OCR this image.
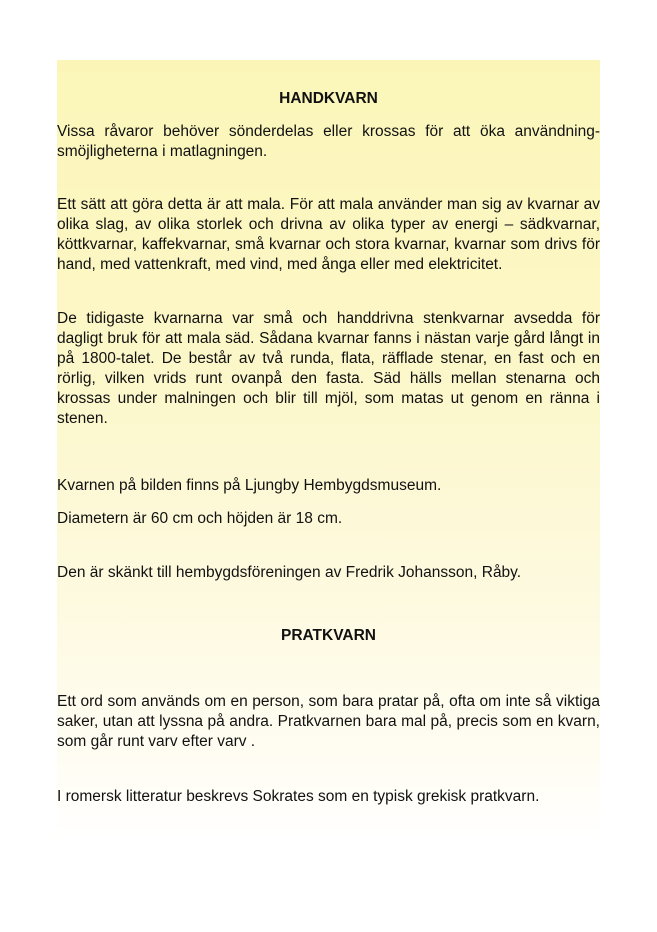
HANDKVARN

Vissa råvaror behöver sönderdelas eller krossas för att öka användning-smöjligheterna i matlagningen.

Ett sätt att göra detta är att mala. För att mala använder man sig av kvarnar av olika slag, av olika storlek och drivna av olika typer av energi – sädkvarnar, köttkvarnar, kaffekvarnar, små kvarnar och stora kvarnar, kvarnar som drivs för hand, med vattenkraft, med vind, med ånga eller med elektricitet.

De tidigaste kvarnarna var små och handdrivna stenkvarnar avsedda för dagligt bruk för att mala säd. Sådana kvarnar fanns i nästan varje gård långt in på 1800-talet. De består av två runda, flata, räfflade stenar, en fast och en rörlig, vilken vrids runt ovanpå den fasta. Säd hälls mellan stenarna och krossas under malningen och blir till mjöl, som matas ut genom en ränna i stenen.

Kvarnen på bilden finns på Ljungby Hembygdsmuseum.

Diametern är 60 cm och höjden är 18 cm.

Den är skänkt till hembygdsföreningen av Fredrik Johansson, Råby.

PRATKVARN

Ett ord som används om en person, som bara pratar på, ofta om inte så viktiga saker, utan att lyssna på andra. Pratkvarnen bara mal på, precis som en kvarn, som går runt varv efter varv .

I romersk litteratur beskrevs Sokrates som en typisk grekisk pratkvarn.
